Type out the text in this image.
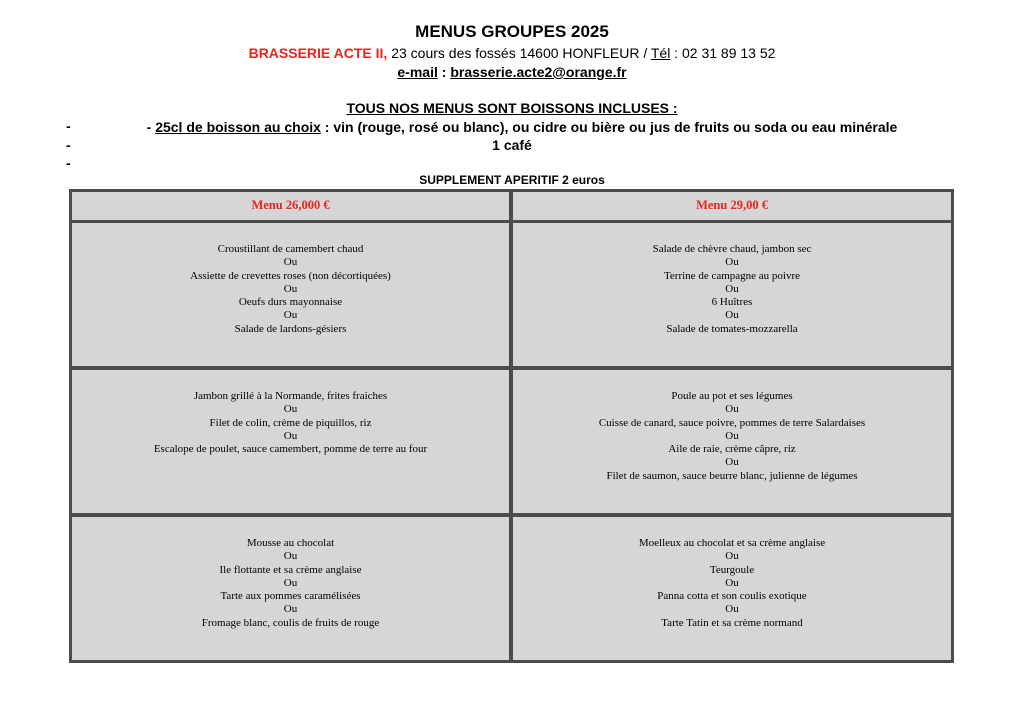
MENUS GROUPES 2025
BRASSERIE ACTE II, 23 cours des fossés 14600 HONFLEUR / Tél : 02 31 89 13 52
e-mail : brasserie.acte2@orange.fr
TOUS NOS MENUS SONT BOISSONS INCLUSES :
-
-
-
- 25cl de boisson au choix : vin (rouge, rosé ou blanc), ou cidre ou bière ou jus de fruits ou soda ou eau minérale
1 café
SUPPLEMENT APERITIF 2 euros
Menu 26,000 €	Menu 29,00 €
Croustillant de camembert chaud
Ou
Assiette de crevettes roses (non décortiquées)
Ou
Oeufs durs mayonnaise
Ou
Salade de lardons-gésiers
Salade de chèvre chaud, jambon sec
Ou
Terrine de campagne au poivre
Ou
6 Huîtres
Ou
Salade de tomates-mozzarella
Jambon grillé à la Normande, frites fraiches
Ou
Filet de colin, crème de piquillos, riz
Ou
Escalope de poulet, sauce camembert, pomme de terre au four
Poule au pot et ses légumes
Ou
Cuisse de canard, sauce poivre, pommes de terre Salardaises
Ou
Aile de raie, crème câpre, riz
Ou
Filet de saumon, sauce beurre blanc, julienne de légumes
Mousse au chocolat
Ou
Ile flottante et sa crème anglaise
Ou
Tarte aux pommes caramélisées
Ou
Fromage blanc, coulis de fruits de rouge
Moelleux au chocolat et sa crème anglaise
Ou
Teurgoule
Ou
Panna cotta et son coulis exotique
Ou
Tarte Tatin et sa crème normand
